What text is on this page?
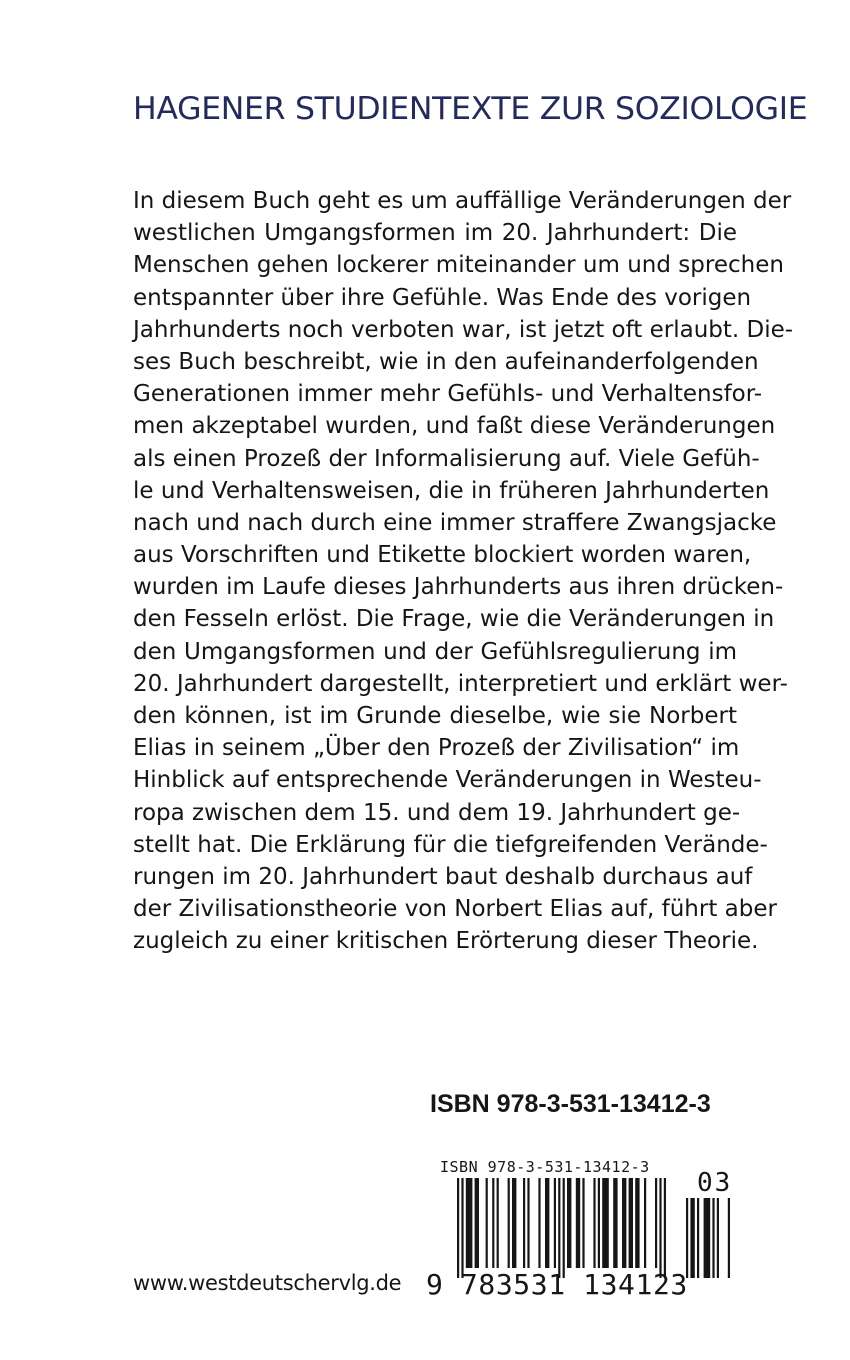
HAGENER STUDIENTEXTE ZUR SOZIOLOGIE
In diesem Buch geht es um auffällige Veränderungen der
westlichen Umgangsformen im 20. Jahrhundert: Die
Menschen gehen lockerer miteinander um und sprechen
entspannter über ihre Gefühle. Was Ende des vorigen
Jahrhunderts noch verboten war, ist jetzt oft erlaubt. Die-
ses Buch beschreibt, wie in den aufeinanderfolgenden
Generationen immer mehr Gefühls- und Verhaltensfor-
men akzeptabel wurden, und faßt diese Veränderungen
als einen Prozeß der Informalisierung auf. Viele Gefüh-
le und Verhaltensweisen, die in früheren Jahrhunderten
nach und nach durch eine immer straffere Zwangsjacke
aus Vorschriften und Etikette blockiert worden waren,
wurden im Laufe dieses Jahrhunderts aus ihren drücken-
den Fesseln erlöst. Die Frage, wie die Veränderungen in
den Umgangsformen und der Gefühlsregulierung im
20. Jahrhundert dargestellt, interpretiert und erklärt wer-
den können, ist im Grunde dieselbe, wie sie Norbert
Elias in seinem „Über den Prozeß der Zivilisation“ im
Hinblick auf entsprechende Veränderungen in Westeu-
ropa zwischen dem 15. und dem 19. Jahrhundert ge-
stellt hat. Die Erklärung für die tiefgreifenden Verände-
rungen im 20. Jahrhundert baut deshalb durchaus auf
der Zivilisationstheorie von Norbert Elias auf, führt aber
zugleich zu einer kritischen Erörterung dieser Theorie.
ISBN 978-3-531-13412-3
ISBN 978-3-531-13412-3
03
9 783531 134123
www.westdeutschervlg.de
